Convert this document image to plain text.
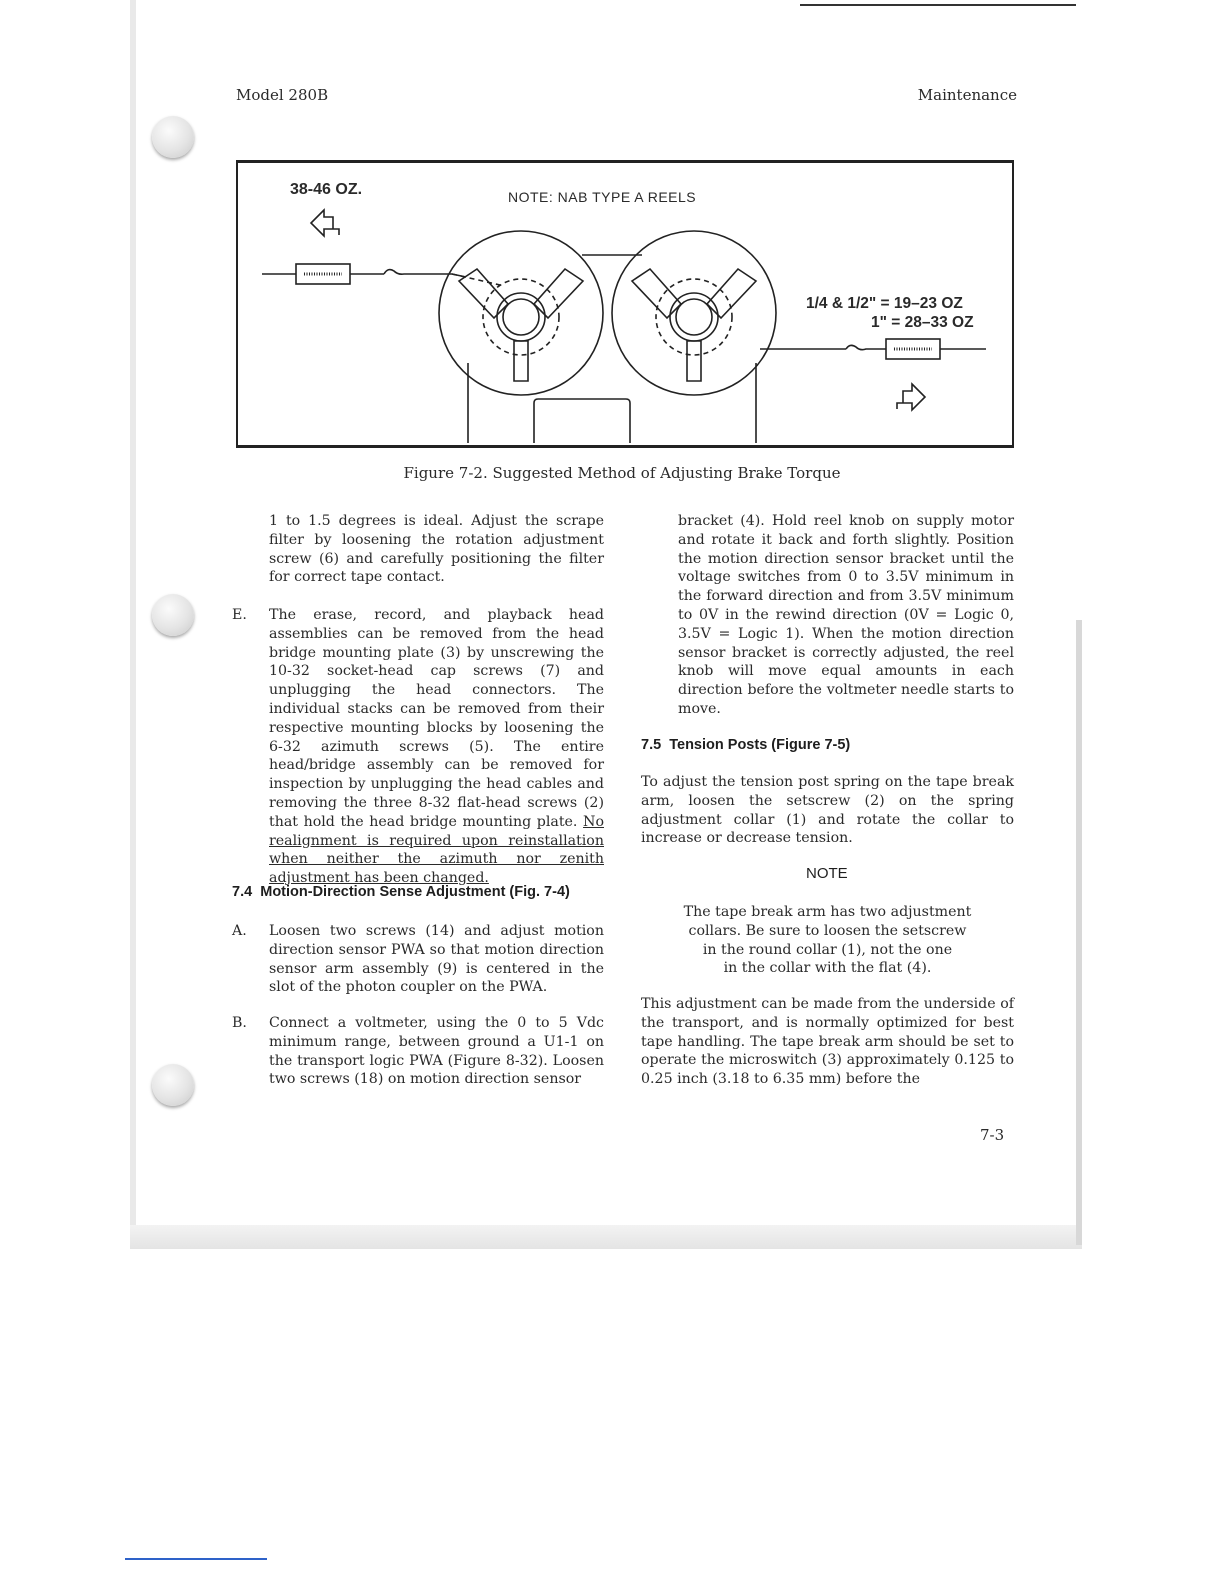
Model 280B	Maintenance
38-46 OZ.	NOTE: NAB TYPE A REELS
1/4 & 1/2" = 19–23 OZ
1" = 28–33 OZ
Figure 7-2. Suggested Method of Adjusting Brake Torque

1 to 1.5 degrees is ideal. Adjust the scrape filter by loosening the rotation adjustment screw (6) and carefully positioning the filter for correct tape contact.

E. The erase, record, and playback head assemblies can be removed from the head bridge mounting plate (3) by unscrewing the 10-32 socket-head cap screws (7) and unplugging the head connectors. The individual stacks can be removed from their respective mounting blocks by loosening the 6-32 azimuth screws (5). The entire head/bridge assembly can be removed for inspection by unplugging the head cables and removing the three 8-32 flat-head screws (2) that hold the head bridge mounting plate. No realignment is required upon reinstallation when neither the azimuth nor zenith adjustment has been changed.
7.4 Motion-Direction Sense Adjustment (Fig. 7-4)
A. Loosen two screws (14) and adjust motion direction sensor PWA so that motion direction sensor arm assembly (9) is centered in the slot of the photon coupler on the PWA.
B. Connect a voltmeter, using the 0 to 5 Vdc minimum range, between ground a U1-1 on the transport logic PWA (Figure 8-32). Loosen two screws (18) on motion direction sensor

bracket (4). Hold reel knob on supply motor and rotate it back and forth slightly. Position the motion direction sensor bracket until the voltage switches from 0 to 3.5V minimum in the forward direction and from 3.5V minimum to 0V in the rewind direction (0V = Logic 0, 3.5V = Logic 1). When the motion direction sensor bracket is correctly adjusted, the reel knob will move equal amounts in each direction before the voltmeter needle starts to move.

7.5 Tension Posts (Figure 7-5)

To adjust the tension post spring on the tape break arm, loosen the setscrew (2) on the spring adjustment collar (1) and rotate the collar to increase or decrease tension.

NOTE
The tape break arm has two adjustment
collars. Be sure to loosen the setscrew
in the round collar (1), not the one
in the collar with the flat (4).

This adjustment can be made from the underside of the transport, and is normally optimized for best tape handling. The tape break arm should be set to operate the microswitch (3) approximately 0.125 to 0.25 inch (3.18 to 6.35 mm) before the

7-3
